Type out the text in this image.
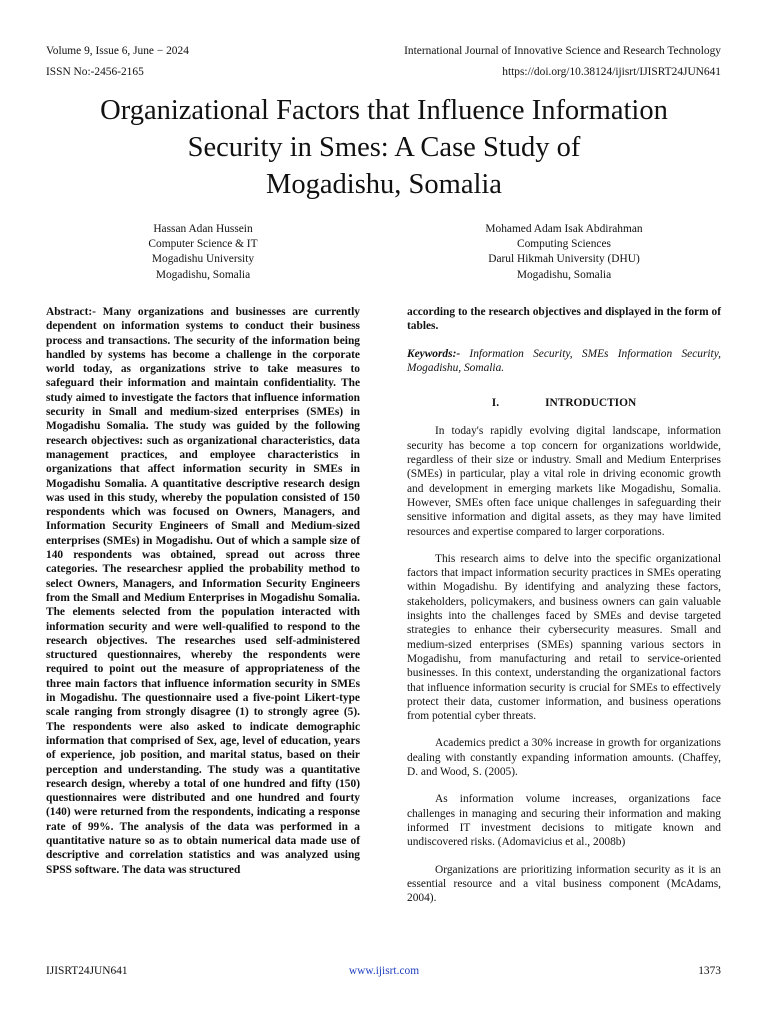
Volume 9, Issue 6, June − 2024	International Journal of Innovative Science and Research Technology
ISSN No:-2456-2165	https://doi.org/10.38124/ijisrt/IJISRT24JUN641
Organizational Factors that Influence Information
Security in Smes: A Case Study of
Mogadishu, Somalia
Hassan Adan Hussein
Computer Science & IT
Mogadishu University
Mogadishu, Somalia
Mohamed Adam Isak Abdirahman
Computing Sciences
Darul Hikmah University (DHU)
Mogadishu, Somalia

Abstract:- Many organizations and businesses are currently dependent on information systems to conduct their business process and transactions. The security of the information being handled by systems has become a challenge in the corporate world today, as organizations strive to take measures to safeguard their information and maintain confidentiality. The study aimed to investigate the factors that influence information security in Small and medium-sized enterprises (SMEs) in Mogadishu Somalia. The study was guided by the following research objectives: such as organizational characteristics, data management practices, and employee characteristics in organizations that affect information security in SMEs in Mogadishu Somalia. A quantitative descriptive research design was used in this study, whereby the population consisted of 150 respondents which was focused on Owners, Managers, and Information Security Engineers of Small and Medium-sized enterprises (SMEs) in Mogadishu. Out of which a sample size of 140 respondents was obtained, spread out across three categories. The researchesr applied the probability method to select Owners, Managers, and Information Security Engineers from the Small and Medium Enterprises in Mogadishu Somalia. The elements selected from the population interacted with information security and were well-qualified to respond to the research objectives. The researches used self-administered structured questionnaires, whereby the respondents were required to point out the measure of appropriateness of the three main factors that influence information security in SMEs in Mogadishu. The questionnaire used a five-point Likert-type scale ranging from strongly disagree (1) to strongly agree (5). The respondents were also asked to indicate demographic information that comprised of Sex, age, level of education, years of experience, job position, and marital status, based on their perception and understanding. The study was a quantitative research design, whereby a total of one hundred and fifty (150) questionnaires were distributed and one hundred and fourty (140) were returned from the respondents, indicating a response rate of 99%. The analysis of the data was performed in a quantitative nature so as to obtain numerical data made use of descriptive and correlation statistics and was analyzed using SPSS software. The data was structured

according to the research objectives and displayed in the form of tables.

Keywords:- Information Security, SMEs Information Security, Mogadishu, Somalia.

I.	INTRODUCTION

In today's rapidly evolving digital landscape, information security has become a top concern for organizations worldwide, regardless of their size or industry. Small and Medium Enterprises (SMEs) in particular, play a vital role in driving economic growth and development in emerging markets like Mogadishu, Somalia. However, SMEs often face unique challenges in safeguarding their sensitive information and digital assets, as they may have limited resources and expertise compared to larger corporations.

This research aims to delve into the specific organizational factors that impact information security practices in SMEs operating within Mogadishu. By identifying and analyzing these factors, stakeholders, policymakers, and business owners can gain valuable insights into the challenges faced by SMEs and devise targeted strategies to enhance their cybersecurity measures. Small and medium-sized enterprises (SMEs) spanning various sectors in Mogadishu, from manufacturing and retail to service-oriented businesses. In this context, understanding the organizational factors that influence information security is crucial for SMEs to effectively protect their data, customer information, and business operations from potential cyber threats.

Academics predict a 30% increase in growth for organizations dealing with constantly expanding information amounts. (Chaffey, D. and Wood, S. (2005).

As information volume increases, organizations face challenges in managing and securing their information and making informed IT investment decisions to mitigate known and undiscovered risks. (Adomavicius et al., 2008b)

Organizations are prioritizing information security as it is an essential resource and a vital business component (McAdams, 2004).

IJISRT24JUN641	www.ijisrt.com	1373
